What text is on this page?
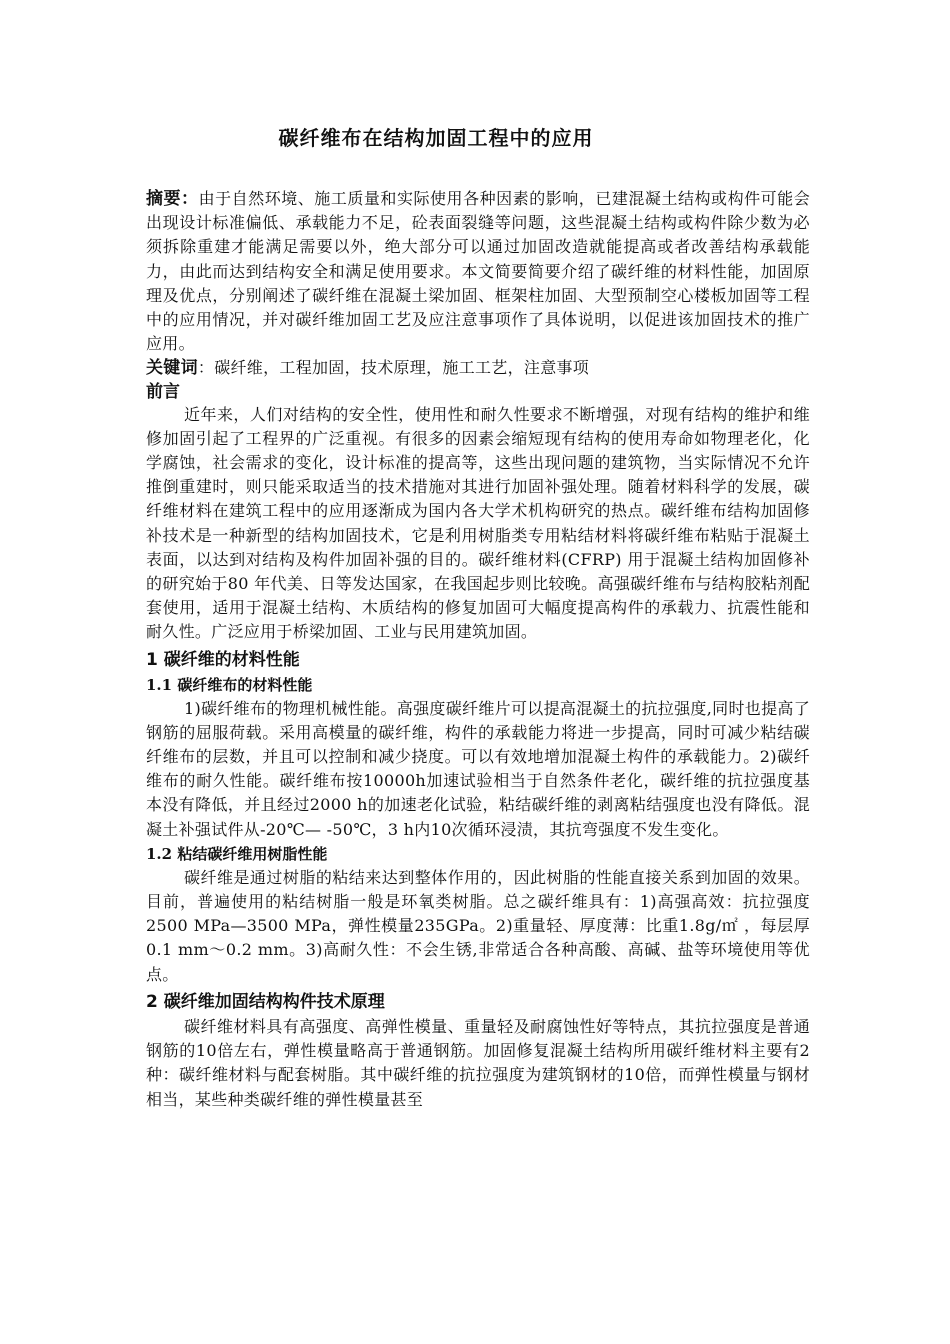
碳纤维布在结构加固工程中的应用

摘要：由于自然环境、施工质量和实际使用各种因素的影响，已建混凝土结构或构件可能会出现设计标准偏低、承载能力不足，砼表面裂缝等问题，这些混凝土结构或构件除少数为必须拆除重建才能满足需要以外，绝大部分可以通过加固改造就能提高或者改善结构承载能力，由此而达到结构安全和满足使用要求。本文简要简要介绍了碳纤维的材料性能，加固原理及优点，分别阐述了碳纤维在混凝土梁加固、框架柱加固、大型预制空心楼板加固等工程中的应用情况，并对碳纤维加固工艺及应注意事项作了具体说明，以促进该加固技术的推广应用。

关键词：碳纤维，工程加固，技术原理，施工工艺，注意事项

前言

近年来，人们对结构的安全性，使用性和耐久性要求不断增强，对现有结构的维护和维修加固引起了工程界的广泛重视。有很多的因素会缩短现有结构的使用寿命如物理老化，化学腐蚀，社会需求的变化，设计标准的提高等，这些出现问题的建筑物，当实际情况不允许推倒重建时，则只能采取适当的技术措施对其进行加固补强处理。随着材料科学的发展，碳纤维材料在建筑工程中的应用逐渐成为国内各大学术机构研究的热点。碳纤维布结构加固修补技术是一种新型的结构加固技术，它是利用树脂类专用粘结材料将碳纤维布粘贴于混凝土表面，以达到对结构及构件加固补强的目的。碳纤维材料(CFRP) 用于混凝土结构加固修补的研究始于80 年代美、日等发达国家，在我国起步则比较晚。高强碳纤维布与结构胶粘剂配套使用，适用于混凝土结构、木质结构的修复加固可大幅度提高构件的承载力、抗震性能和耐久性。广泛应用于桥梁加固、工业与民用建筑加固。

1 碳纤维的材料性能
1.1 碳纤维布的材料性能

1)碳纤维布的物理机械性能。高强度碳纤维片可以提高混凝土的抗拉强度,同时也提高了钢筋的屈服荷载。采用高模量的碳纤维，构件的承载能力将进一步提高，同时可减少粘结碳纤维布的层数，并且可以控制和减少挠度。可以有效地增加混凝土构件的承载能力。2)碳纤维布的耐久性能。碳纤维布按10000h加速试验相当于自然条件老化，碳纤维的抗拉强度基本没有降低，并且经过2000 h的加速老化试验，粘结碳纤维的剥离粘结强度也没有降低。混凝土补强试件从-20℃— -50℃，3 h内10次循环浸渍，其抗弯强度不发生变化。

1.2 粘结碳纤维用树脂性能

碳纤维是通过树脂的粘结来达到整体作用的，因此树脂的性能直接关系到加固的效果。目前，普遍使用的粘结树脂一般是环氧类树脂。总之碳纤维具有：1)高强高效：抗拉强度2500 MPa—3500 MPa，弹性模量235GPa。2)重量轻、厚度薄：比重1.8g/㎡ ，每层厚0.1 mm～0.2 mm。3)高耐久性：不会生锈,非常适合各种高酸、高碱、盐等环境使用等优点。

2 碳纤维加固结构构件技术原理

碳纤维材料具有高强度、高弹性模量、重量轻及耐腐蚀性好等特点，其抗拉强度是普通钢筋的10倍左右，弹性模量略高于普通钢筋。加固修复混凝土结构所用碳纤维材料主要有2种：碳纤维材料与配套树脂。其中碳纤维的抗拉强度为建筑钢材的10倍，而弹性模量与钢材相当，某些种类碳纤维的弹性模量甚至
